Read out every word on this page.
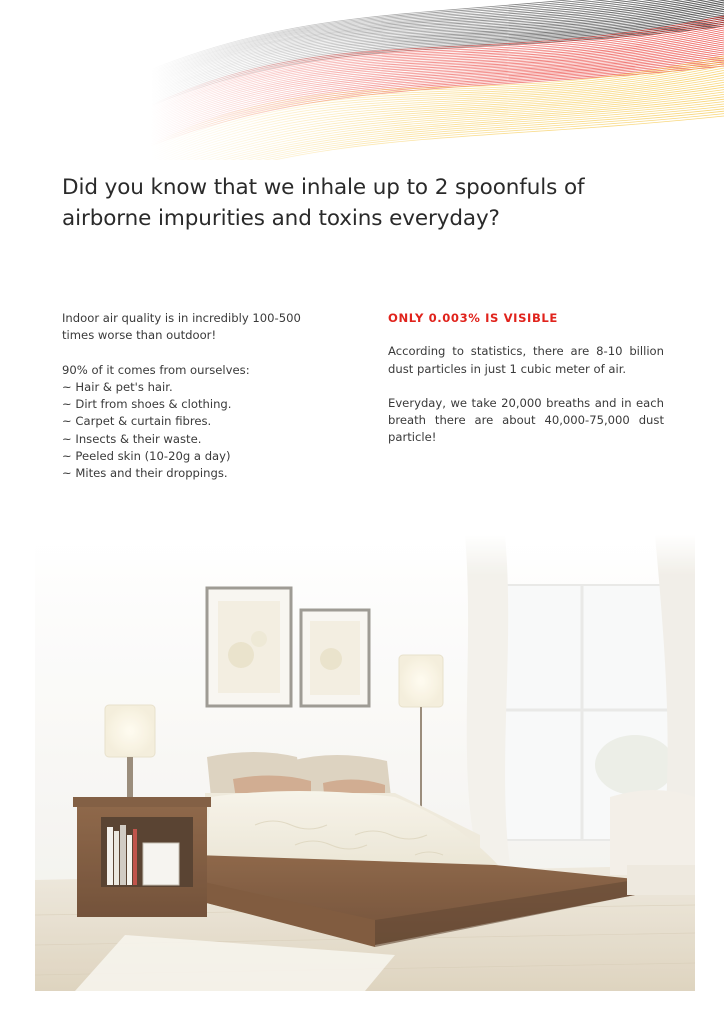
Did you know that we inhale up to 2 spoonfuls of
airborne impurities and toxins everyday?

Indoor air quality is in incredibly 100-500

times worse than outdoor!

90% of it comes from ourselves:

~ Hair & pet's hair.
~ Dirt from shoes & clothing.
~ Carpet & curtain fibres.
~ Insects & their waste.
~ Peeled skin (10-20g a day)
~ Mites and their droppings.

ONLY 0.003% IS VISIBLE

According to statistics, there are 8-10 billion dust particles in just 1 cubic meter of air.

Everyday, we take 20,000 breaths and in each breath there are about 40,000-75,000 dust particle!
